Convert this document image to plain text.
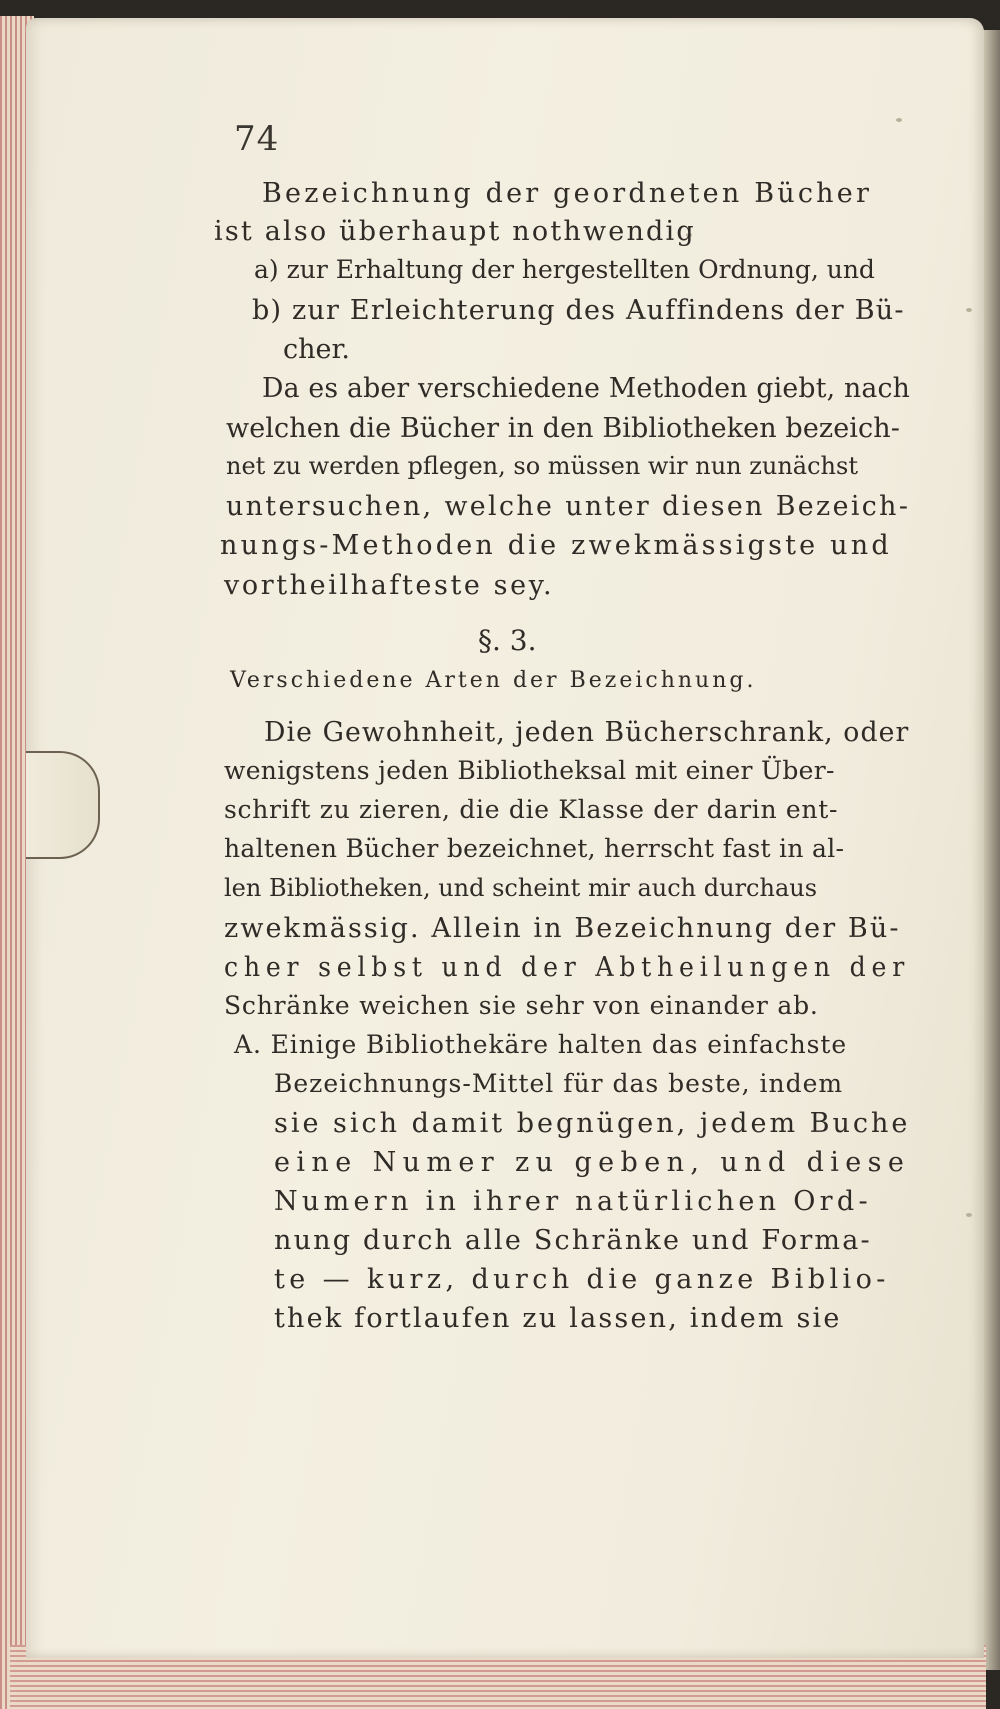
74
Bezeichnung der geordneten Bücher
ist also überhaupt nothwendig
a) zur Erhaltung der hergestellten Ordnung, und
b) zur Erleichterung des Auffindens der Bü-
cher.
Da es aber verschiedene Methoden giebt, nach
welchen die Bücher in den Bibliotheken bezeich-
net zu werden pflegen, so müssen wir nun zunächst
untersuchen, welche unter diesen Bezeich-
nungs-Methoden die zwekmässigste und
vortheilhafteste sey.
§. 3.
Verschiedene Arten der Bezeichnung.
Die Gewohnheit, jeden Bücherschrank, oder
wenigstens jeden Bibliotheksal mit einer Über-
schrift zu zieren, die die Klasse der darin ent-
haltenen Bücher bezeichnet, herrscht fast in al-
len Bibliotheken, und scheint mir auch durchaus
zwekmässig. Allein in Bezeichnung der Bü-
cher selbst und der Abtheilungen der
Schränke weichen sie sehr von einander ab.
A. Einige Bibliothekäre halten das einfachste
Bezeichnungs-Mittel für das beste, indem
sie sich damit begnügen, jedem Buche
eine Numer zu geben, und diese
Numern in ihrer natürlichen Ord-
nung durch alle Schränke und Forma-
te — kurz, durch die ganze Biblio-
thek fortlaufen zu lassen, indem sie
